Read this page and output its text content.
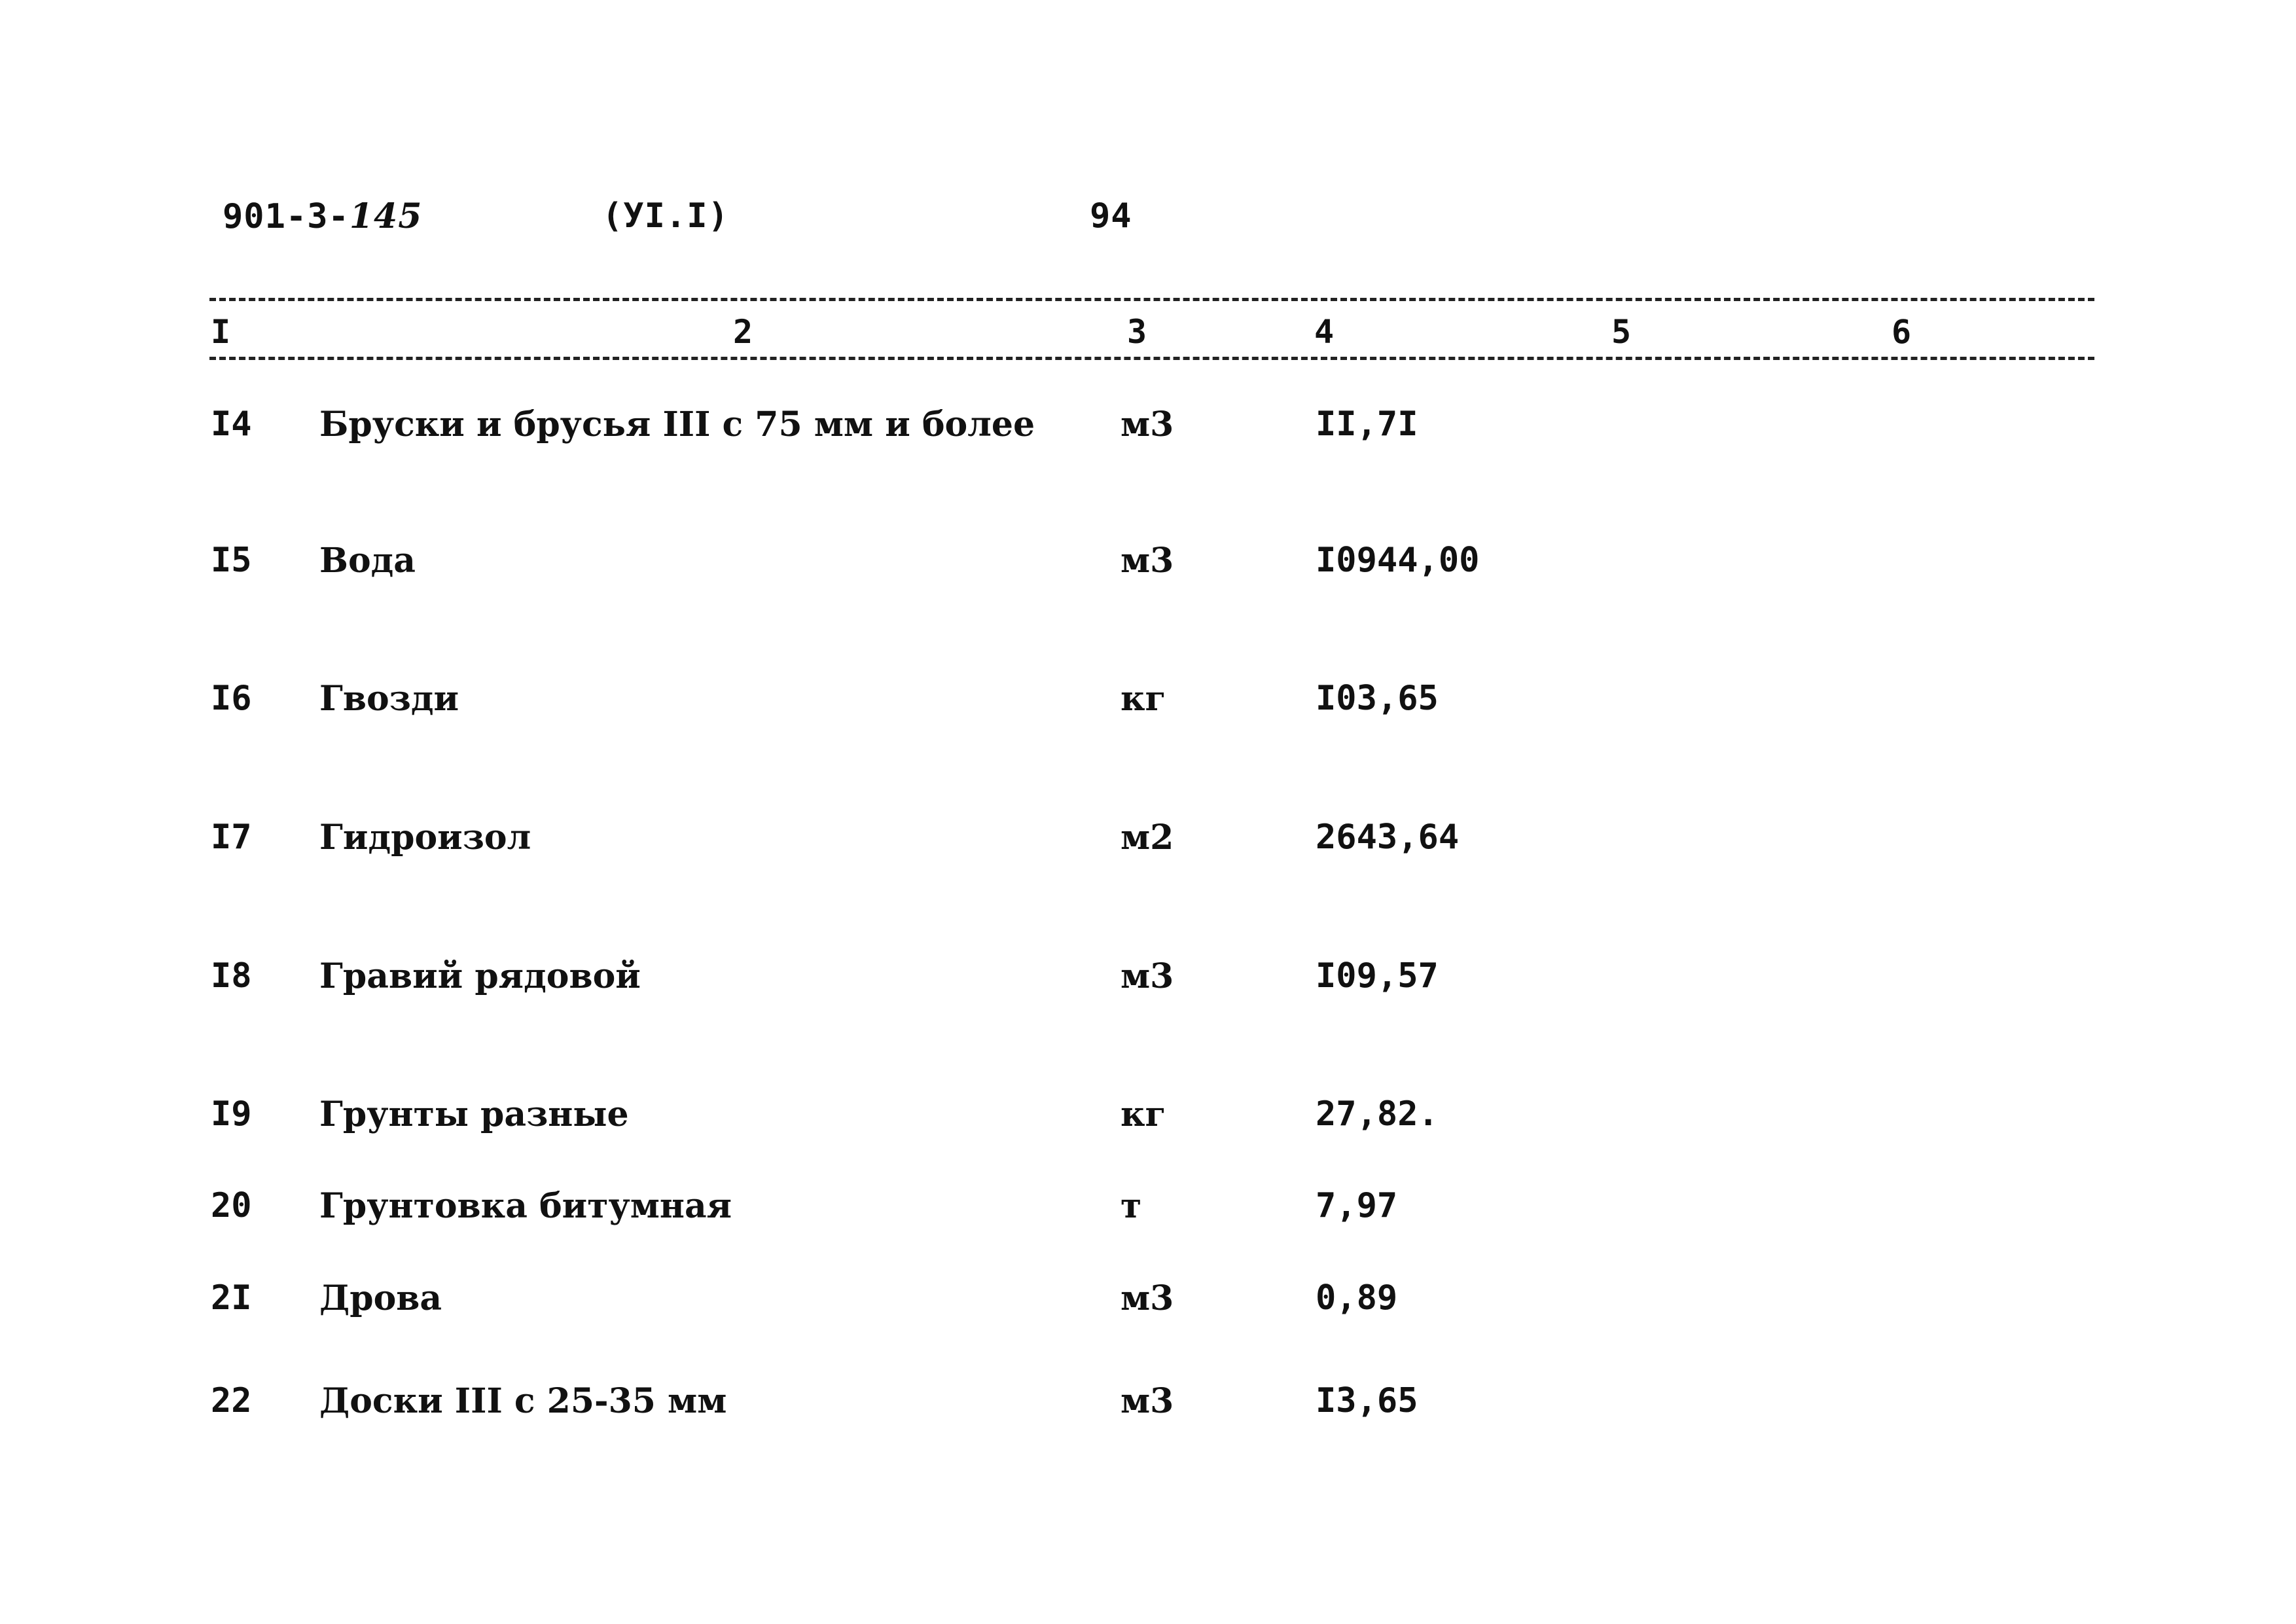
901-3-145	(УI.I)	94
I	2	3	4	5	6
I4 Бруски и брусья III с 75 мм и более	м3	II,7I
I5 Вода	м3	I0944,00
I6 Гвозди	кг	I03,65
I7 Гидроизол	м2	2643,64
I8 Гравий рядовой	м3	I09,57
I9 Грунты разные	кг	27,82.
20 Грунтовка битумная	т	7,97
2I Дрова	м3	0,89
22 Доски III с 25-35 мм	м3	I3,65
